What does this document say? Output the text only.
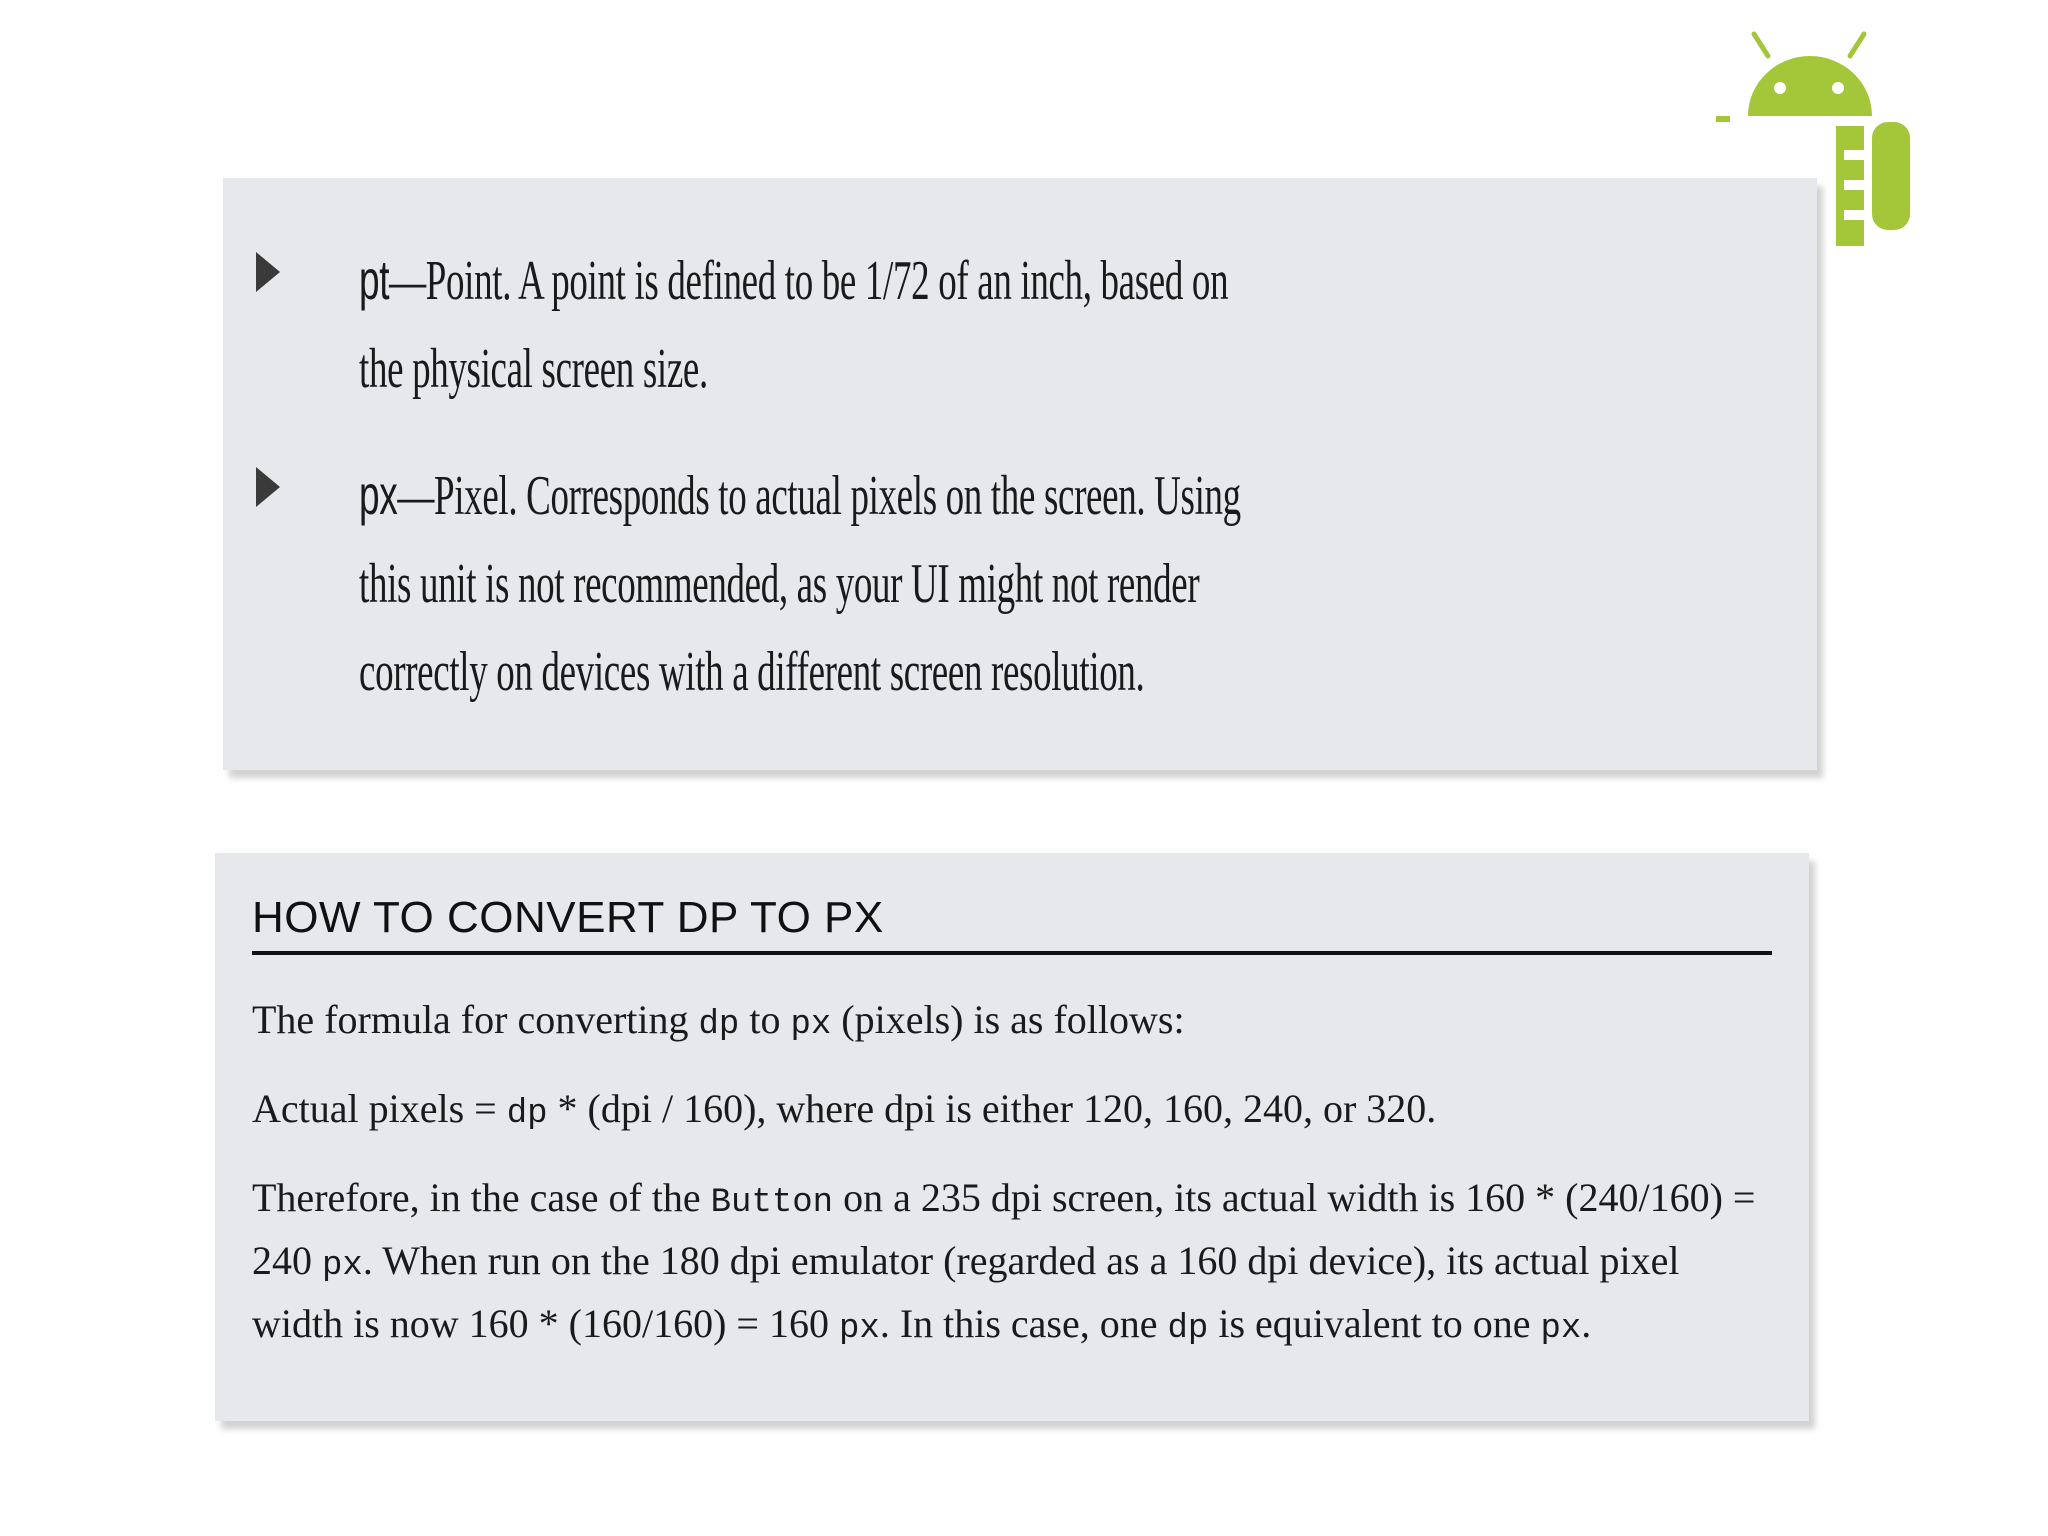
pt—Point. A point is defined to be 1/72 of an inch, based on the physical screen size.

px—Pixel. Corresponds to actual pixels on the screen. Using this unit is not recommended, as your UI might not render correctly on devices with a different screen resolution.

HOW TO CONVERT DP TO PX

The formula for converting dp to px (pixels) is as follows:

Actual pixels = dp * (dpi / 160), where dpi is either 120, 160, 240, or 320.

Therefore, in the case of the Button on a 235 dpi screen, its actual width is 160 * (240/160) = 240 px. When run on the 180 dpi emulator (regarded as a 160 dpi device), its actual pixel width is now 160 * (160/160) = 160 px. In this case, one dp is equivalent to one px.
